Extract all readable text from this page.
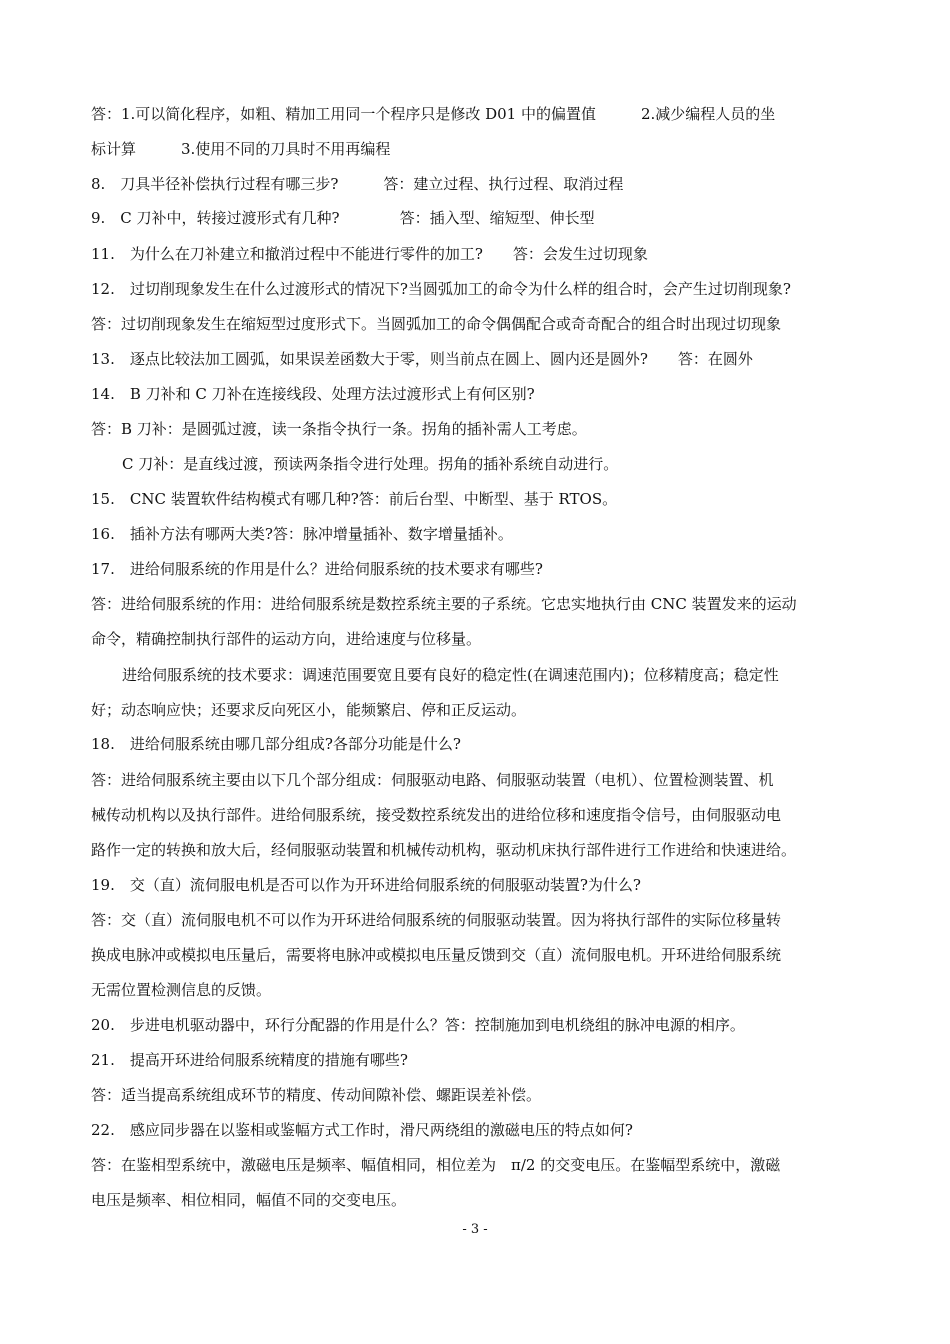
答：1.可以简化程序，如粗、精加工用同一个程序只是修改 D01 中的偏置值　　　2.减少编程人员的坐
标计算　　　3.使用不同的刀具时不用再编程
8.　刀具半径补偿执行过程有哪三步?　　　答：建立过程、执行过程、取消过程
9.　C 刀补中，转接过渡形式有几种?　　　　答：插入型、缩短型、伸长型
11.　为什么在刀补建立和撤消过程中不能进行零件的加工?　　答：会发生过切现象
12.　过切削现象发生在什么过渡形式的情况下?当圆弧加工的命令为什么样的组合时，会产生过切削现象?
答：过切削现象发生在缩短型过度形式下。当圆弧加工的命令偶偶配合或奇奇配合的组合时出现过切现象
13.　逐点比较法加工圆弧，如果误差函数大于零，则当前点在圆上、圆内还是圆外?　　答：在圆外
14.　B 刀补和 C 刀补在连接线段、处理方法过渡形式上有何区别?
答：B 刀补：是圆弧过渡，读一条指令执行一条。拐角的插补需人工考虑。
C 刀补：是直线过渡，预读两条指令进行处理。拐角的插补系统自动进行。
15.　CNC 装置软件结构模式有哪几种?答：前后台型、中断型、基于 RTOS。
16.　插补方法有哪两大类?答：脉冲增量插补、数字增量插补。
17.　进给伺服系统的作用是什么？进给伺服系统的技术要求有哪些?
答：进给伺服系统的作用：进给伺服系统是数控系统主要的子系统。它忠实地执行由 CNC 装置发来的运动
命令，精确控制执行部件的运动方向，进给速度与位移量。
进给伺服系统的技术要求：调速范围要宽且要有良好的稳定性(在调速范围内)；位移精度高；稳定性
好；动态响应快；还要求反向死区小，能频繁启、停和正反运动。
18.　进给伺服系统由哪几部分组成?各部分功能是什么?
答：进给伺服系统主要由以下几个部分组成：伺服驱动电路、伺服驱动装置（电机）、位置检测装置、机
械传动机构以及执行部件。进给伺服系统，接受数控系统发出的进给位移和速度指令信号，由伺服驱动电
路作一定的转换和放大后，经伺服驱动装置和机械传动机构，驱动机床执行部件进行工作进给和快速进给。
19.　交（直）流伺服电机是否可以作为开环进给伺服系统的伺服驱动装置?为什么?
答：交（直）流伺服电机不可以作为开环进给伺服系统的伺服驱动装置。因为将执行部件的实际位移量转
换成电脉冲或模拟电压量后，需要将电脉冲或模拟电压量反馈到交（直）流伺服电机。开环进给伺服系统
无需位置检测信息的反馈。
20.　步进电机驱动器中，环行分配器的作用是什么？答：控制施加到电机绕组的脉冲电源的相序。
21.　提高开环进给伺服系统精度的措施有哪些?
答：适当提高系统组成环节的精度、传动间隙补偿、螺距误差补偿。
22.　感应同步器在以鉴相或鉴幅方式工作时，滑尺两绕组的激磁电压的特点如何?
答：在鉴相型系统中，激磁电压是频率、幅值相同，相位差为　π/2 的交变电压。在鉴幅型系统中，激磁
电压是频率、相位相同，幅值不同的交变电压。
- 3 -
